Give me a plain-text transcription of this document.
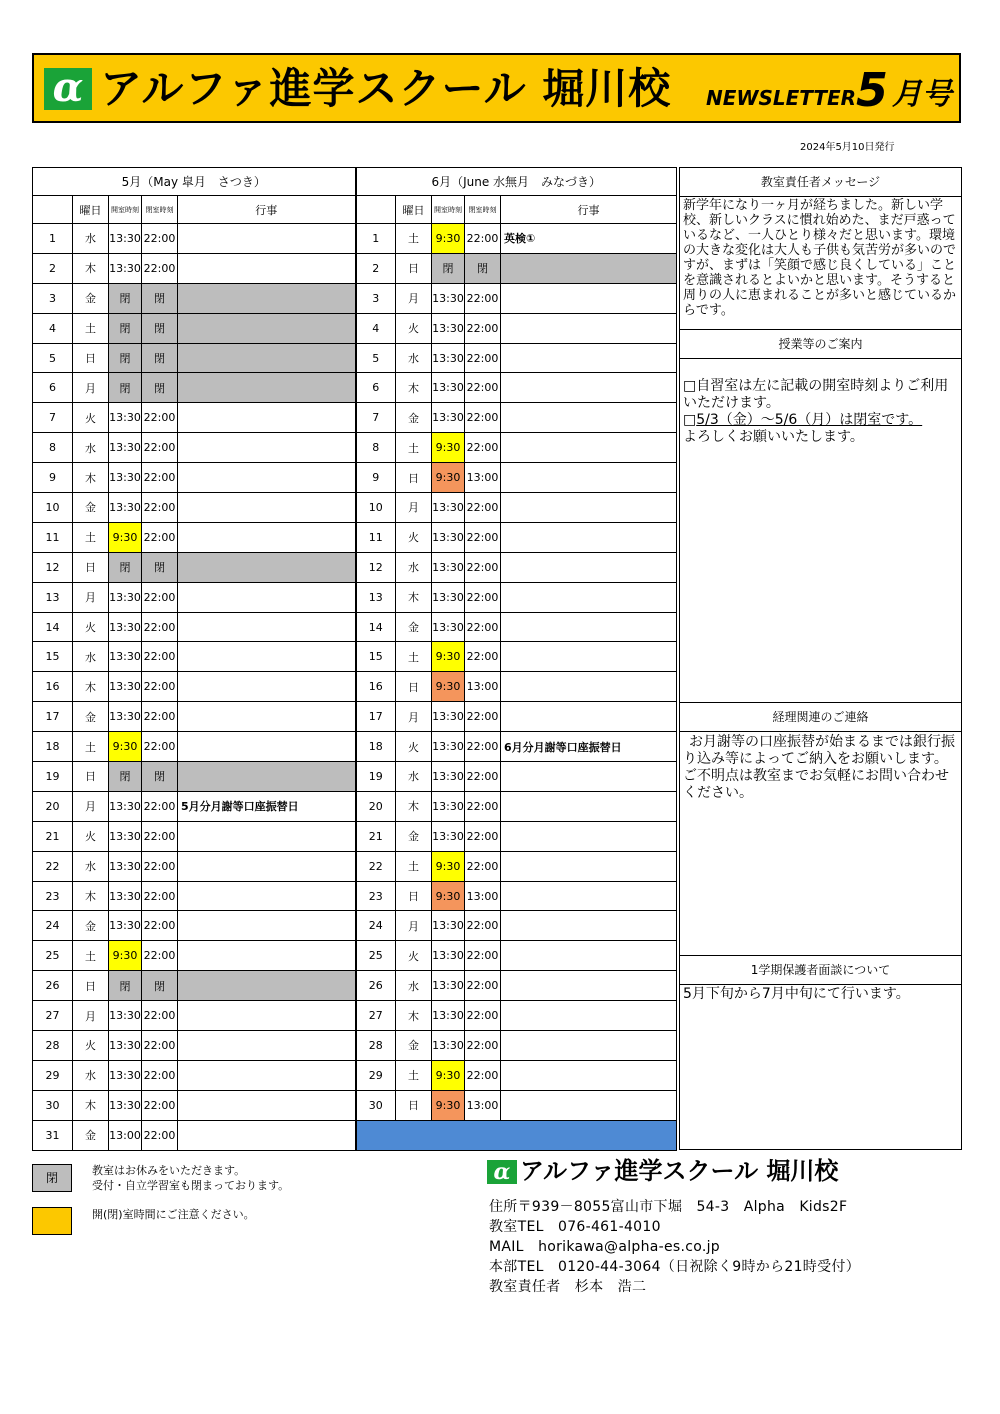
α アルファ進学スクール 堀川校 NEWSLETTER 5 月号
2024年5月10日発行
5月（May 皐月　さつき）					6月（June 水無月　みなづき）				
	曜日	開室時刻	閉室時刻	行事		曜日	開室時刻	閉室時刻	行事
1	水	13:30	22:00		1	土	9:30	22:00	英検①
2	木	13:30	22:00		2	日	閉	閉	
3	金	閉	閉		3	月	13:30	22:00	
4	土	閉	閉		4	火	13:30	22:00	
5	日	閉	閉		5	水	13:30	22:00	
6	月	閉	閉		6	木	13:30	22:00	
7	火	13:30	22:00		7	金	13:30	22:00	
8	水	13:30	22:00		8	土	9:30	22:00	
9	木	13:30	22:00		9	日	9:30	13:00	
10	金	13:30	22:00		10	月	13:30	22:00	
11	土	9:30	22:00		11	火	13:30	22:00	
12	日	閉	閉		12	水	13:30	22:00	
13	月	13:30	22:00		13	木	13:30	22:00	
14	火	13:30	22:00		14	金	13:30	22:00	
15	水	13:30	22:00		15	土	9:30	22:00	
16	木	13:30	22:00		16	日	9:30	13:00	
17	金	13:30	22:00		17	月	13:30	22:00	
18	土	9:30	22:00		18	火	13:30	22:00	6月分月謝等口座振替日
19	日	閉	閉		19	水	13:30	22:00	
20	月	13:30	22:00	5月分月謝等口座振替日	20	木	13:30	22:00	
21	火	13:30	22:00		21	金	13:30	22:00	
22	水	13:30	22:00		22	土	9:30	22:00	
23	木	13:30	22:00		23	日	9:30	13:00	
24	金	13:30	22:00		24	月	13:30	22:00	
25	土	9:30	22:00		25	火	13:30	22:00	
26	日	閉	閉		26	水	13:30	22:00	
27	月	13:30	22:00		27	木	13:30	22:00	
28	火	13:30	22:00		28	金	13:30	22:00	
29	水	13:30	22:00		29	土	9:30	22:00	
30	木	13:30	22:00		30	日	9:30	13:00	
31	金	13:00	22:00						
教室責任者メッセージ
新学年になり一ヶ月が経ちました。新しい学校、新しいクラスに慣れ始めた、まだ戸惑っているなど、一人ひとり様々だと思います。環境の大きな変化は大人も子供も気苦労が多いのですが、まずは「笑顔で感じ良くしている」ことを意識されるとよいかと思います。そうすると周りの人に恵まれることが多いと感じているからです。
授業等のご案内
□自習室は左に記載の開室時刻よりご利用いただけます。
□5/3（金）～5/6（月）は閉室です。
よろしくお願いいたします。
経理関連のご連絡
お月謝等の口座振替が始まるまでは銀行振り込み等によってご納入をお願いします。ご不明点は教室までお気軽にお問い合わせください。
1学期保護者面談について
5月下旬から7月中旬にて行います。
閉
教室はお休みをいただきます。
受付・自立学習室も閉まっております。
開(閉)室時間にご注意ください。
α アルファ進学スクール 堀川校
住所〒939－8055富山市下堀　54-3　Alpha　Kids2F
教室TEL　076-461-4010
MAIL　horikawa@alpha-es.co.jp
本部TEL　0120-44-3064（日祝除く9時から21時受付）
教室責任者　杉本　浩二
